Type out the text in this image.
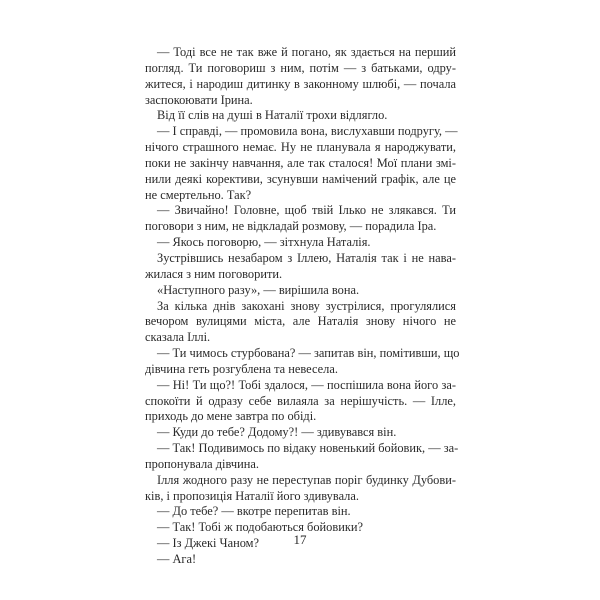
— Тоді все не так вже й погано, як здається на перший
погляд. Ти поговориш з ним, потім — з батьками, одру-
житеся, і народиш дитинку в законному шлюбі, — почала
заспокоювати Ірина.
Від її слів на душі в Наталії трохи відлягло.
— І справді, — промовила вона, вислухавши подругу, —
нічого страшного немає. Ну не планувала я народжувати,
поки не закінчу навчання, але так сталося! Мої плани змі-
нили деякі корективи, зсунувши намічений графік, але це
не смертельно. Так?
— Звичайно! Головне, щоб твій Ілько не злякався. Ти
поговори з ним, не відкладай розмову, — порадила Іра.
— Якось поговорю, — зітхнула Наталія.
Зустрівшись незабаром з Іллею, Наталія так і не нава-
жилася з ним поговорити.
«Наступного разу», — вирішила вона.
За кілька днів закохані знову зустрілися, прогулялися
вечором вулицями міста, але Наталія знову нічого не
сказала Іллі.
— Ти чимось стурбована? — запитав він, помітивши, що
дівчина геть розгублена та невесела.
— Ні! Ти що?! Тобі здалося, — поспішила вона його за-
спокоїти й одразу себе вилаяла за нерішучість. — Ілле,
приходь до мене завтра по обіді.
— Куди до тебе? Додому?! — здивувався він.
— Так! Подивимось по відаку новенький бойовик, — за-
пропонувала дівчина.
Ілля жодного разу не переступав поріг будинку Дубови-
ків, і пропозиція Наталії його здивувала.
— До тебе? — вкотре перепитав він.
— Так! Тобі ж подобаються бойовики?
— Із Джекі Чаном?
— Ага!
17
